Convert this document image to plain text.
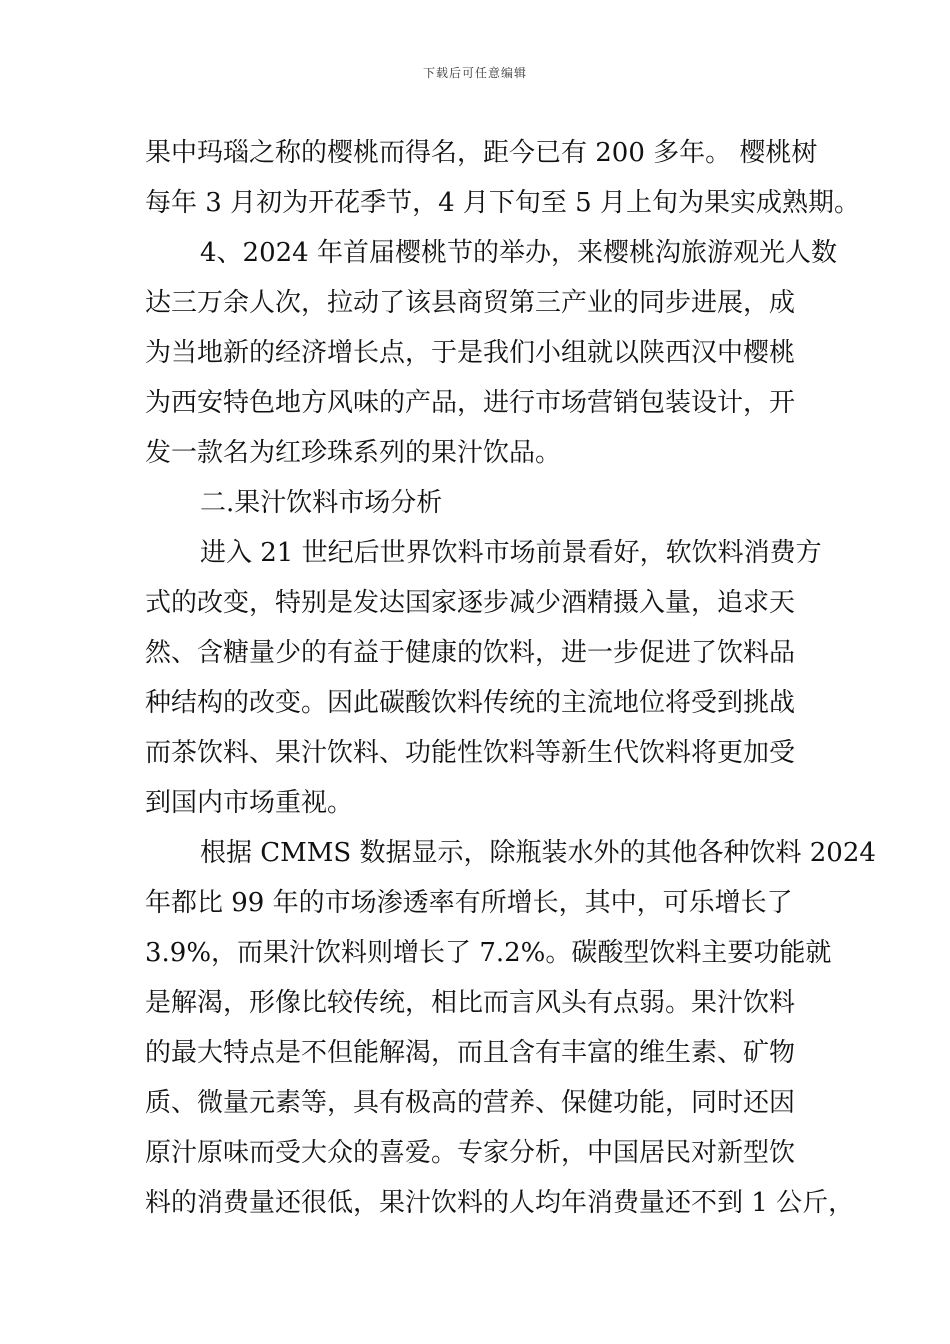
下载后可任意编辑
果中玛瑙之称的樱桃而得名，距今已有 200 多年。 樱桃树
每年 3 月初为开花季节，4 月下旬至 5 月上旬为果实成熟期。
4、2024 年首届樱桃节的举办，来樱桃沟旅游观光人数
达三万余人次，拉动了该县商贸第三产业的同步进展，成
为当地新的经济增长点，于是我们小组就以陕西汉中樱桃
为西安特色地方风味的产品，进行市场营销包装设计，开
发一款名为红珍珠系列的果汁饮品。
二.果汁饮料市场分析
进入 21 世纪后世界饮料市场前景看好，软饮料消费方
式的改变，特别是发达国家逐步减少酒精摄入量，追求天
然、含糖量少的有益于健康的饮料，进一步促进了饮料品
种结构的改变。因此碳酸饮料传统的主流地位将受到挑战
而茶饮料、果汁饮料、功能性饮料等新生代饮料将更加受
到国内市场重视。
根据 CMMS 数据显示，除瓶装水外的其他各种饮料 2024
年都比 99 年的市场渗透率有所增长，其中，可乐增长了
3.9%，而果汁饮料则增长了 7.2%。碳酸型饮料主要功能就
是解渴，形像比较传统，相比而言风头有点弱。果汁饮料
的最大特点是不但能解渴，而且含有丰富的维生素、矿物
质、微量元素等，具有极高的营养、保健功能，同时还因
原汁原味而受大众的喜爱。专家分析，中国居民对新型饮
料的消费量还很低，果汁饮料的人均年消费量还不到 1 公斤，
